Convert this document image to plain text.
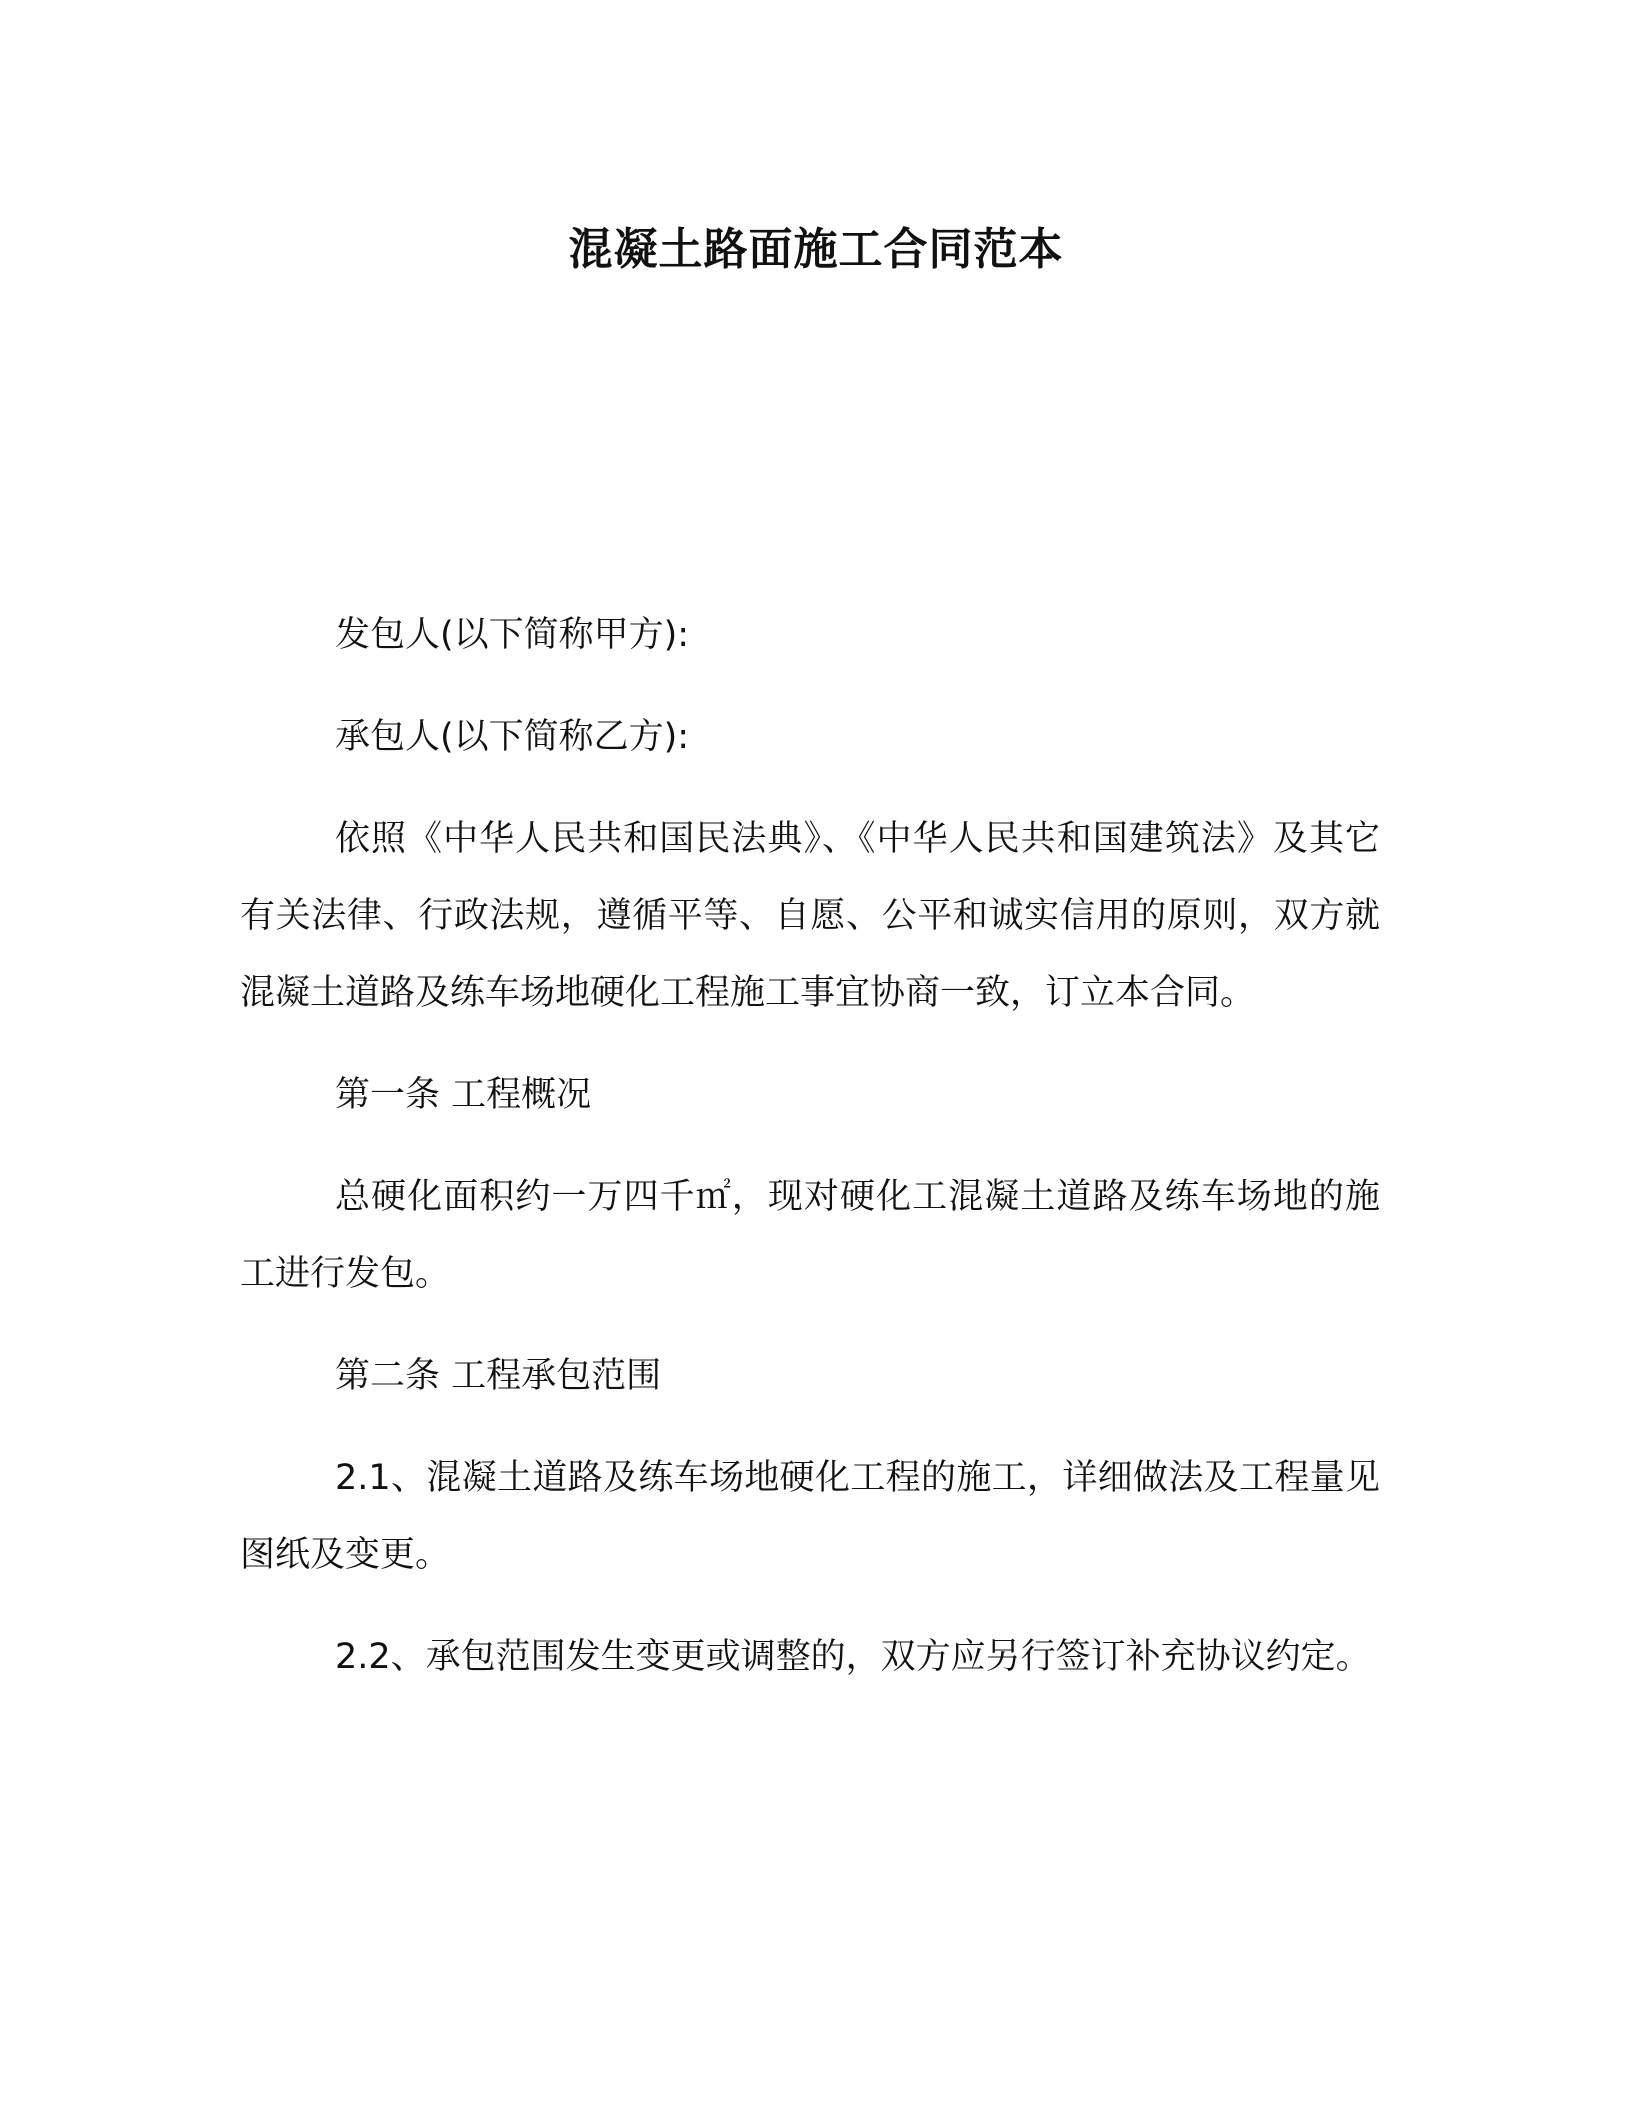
混凝土路面施工合同范本

发包人(以下简称甲方):

承包人(以下简称乙方):

依照《中华人民共和国民法典》、《中华人民共和国建筑法》及其它有关法律、行政法规，遵循平等、自愿、公平和诚实信用的原则，双方就混凝土道路及练车场地硬化工程施工事宜协商一致，订立本合同。

第一条 工程概况

总硬化面积约一万四千㎡，现对硬化工混凝土道路及练车场地的施工进行发包。

第二条 工程承包范围

2.1、混凝土道路及练车场地硬化工程的施工，详细做法及工程量见图纸及变更。

2.2、承包范围发生变更或调整的，双方应另行签订补充协议约定。
